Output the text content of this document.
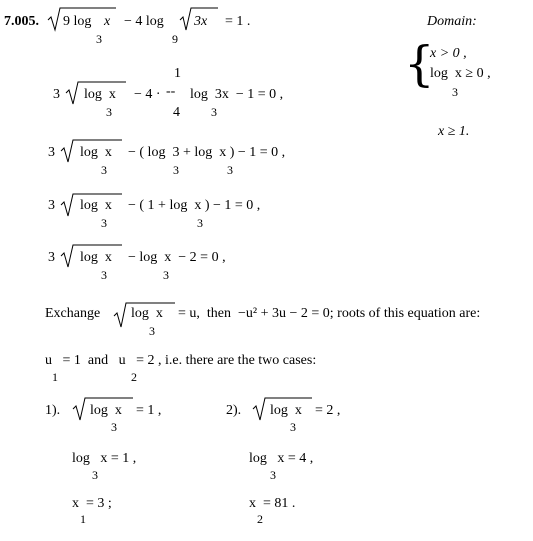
7.005. 9 log x
3
− 4 log
9
3x = 1 .	Domain:
{
x > 0 ,
log  x ≥ 0 ,
3
x ≥ 1.
3 log  x
3
− 4 ·
1
--
4
log  3x  − 1 = 0 ,
3
3 log  x
3
− ( log  3 + log  x ) − 1 = 0 ,
3	3
3 log  x
3
− ( 1 + log  x ) − 1 = 0 ,
3
3 log  x
3
− log  x  − 2 = 0 ,
3
Exchange log  x
3
= u,  then  −u² + 3u − 2 = 0; roots of this equation are:
u   = 1  and   u   = 2 , i.e. there are the two cases:
1	2
1). log  x
3
= 1 ,
log   x = 1 ,
3
x  = 3 ;
1
2). log  x
3
= 2 ,
log   x = 4 ,
3
x  = 81 .
2
